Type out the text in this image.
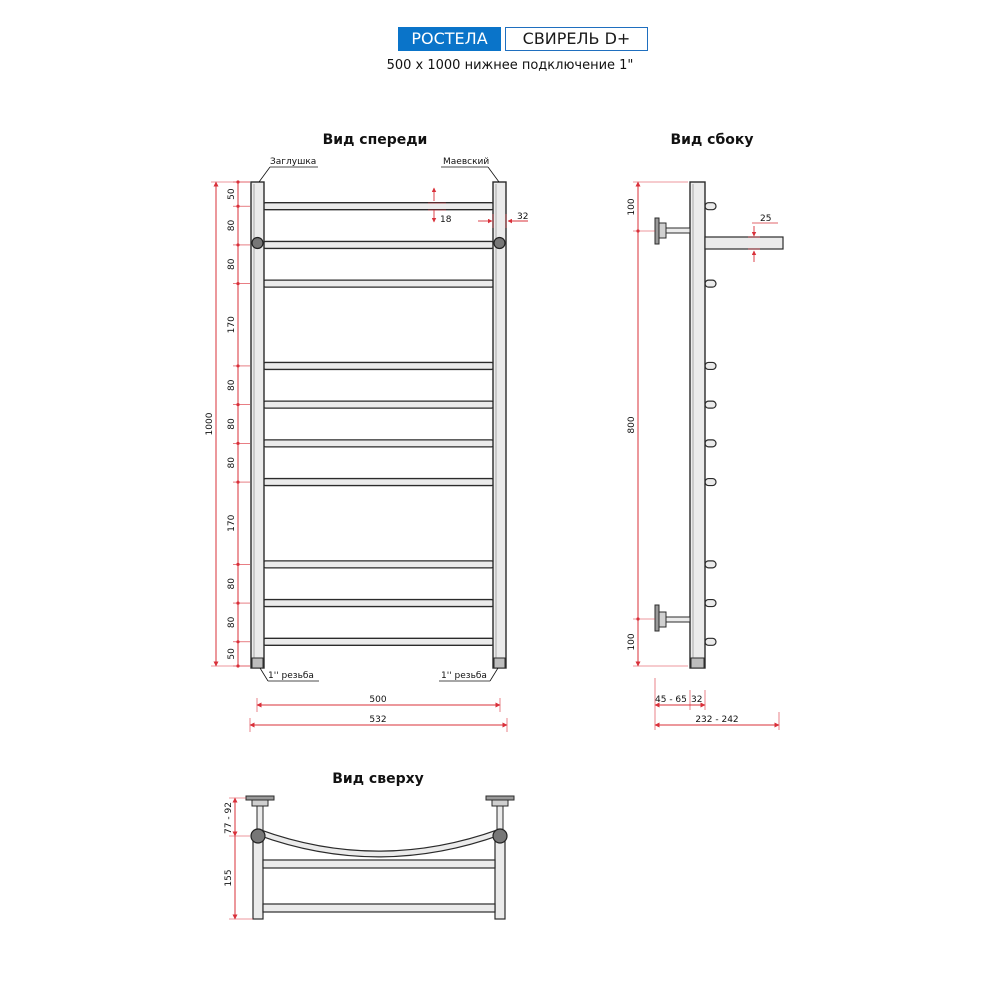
РОСТЕЛА	СВИРЕЛЬ D+
500 x 1000 нижнее подключение 1"
Вид спереди
Заглушка	Маевский
1'' резьба	1'' резьба
50
80
80
170
80
80
80
170
80
80
50
1000
18	32
500
532
Вид сбоку
100
800
100
25
45 - 65 32
232 - 242
Вид сверху
77 - 92
155
